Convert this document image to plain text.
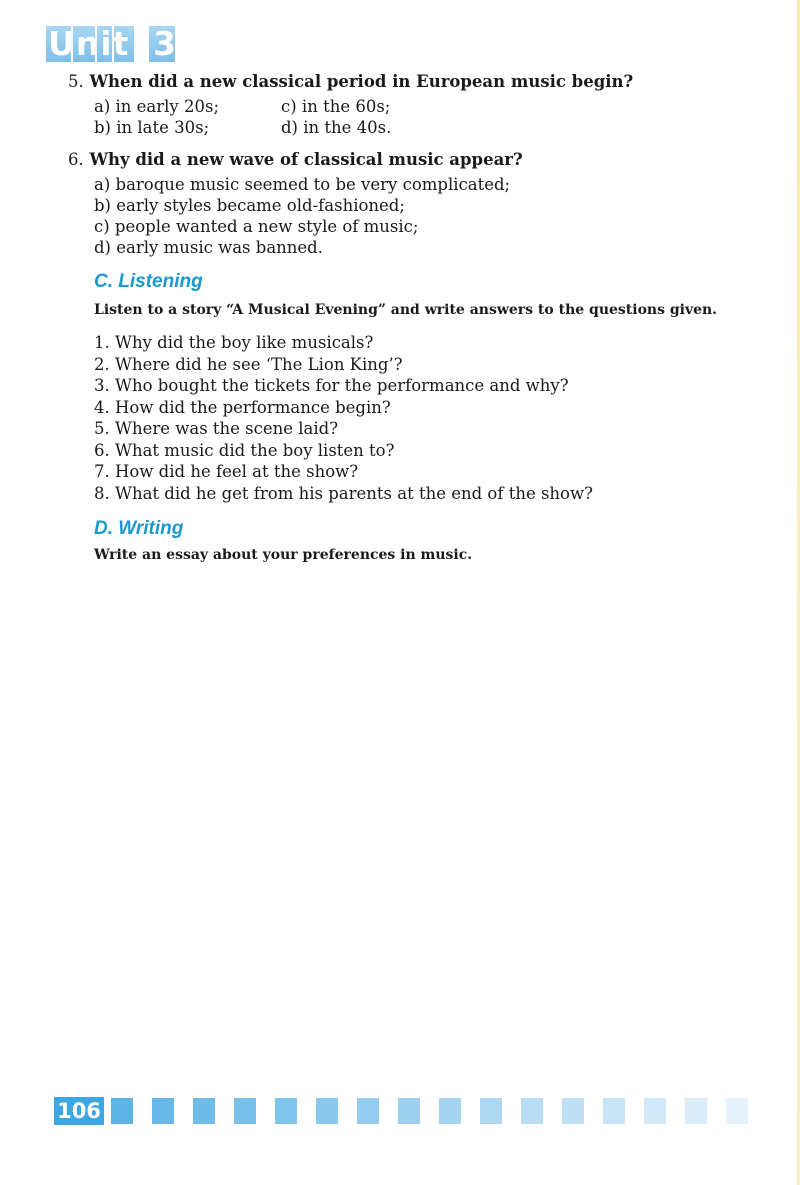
Unit 3
5. When did a new classical period in European music begin?
a) in early 20s;
b) in late 30s;
c) in the 60s;
d) in the 40s.
6. Why did a new wave of classical music appear?
a) baroque music seemed to be very complicated;
b) early styles became old-fashioned;
c) people wanted a new style of music;
d) early music was banned.
C. Listening
Listen to a story “A Musical Evening” and write answers to the questions given.
1. Why did the boy like musicals?
2. Where did he see ‘The Lion King’?
3. Who bought the tickets for the performance and why?
4. How did the performance begin?
5. Where was the scene laid?
6. What music did the boy listen to?
7. How did he feel at the show?
8. What did he get from his parents at the end of the show?
D. Writing
Write an essay about your preferences in music.
106
